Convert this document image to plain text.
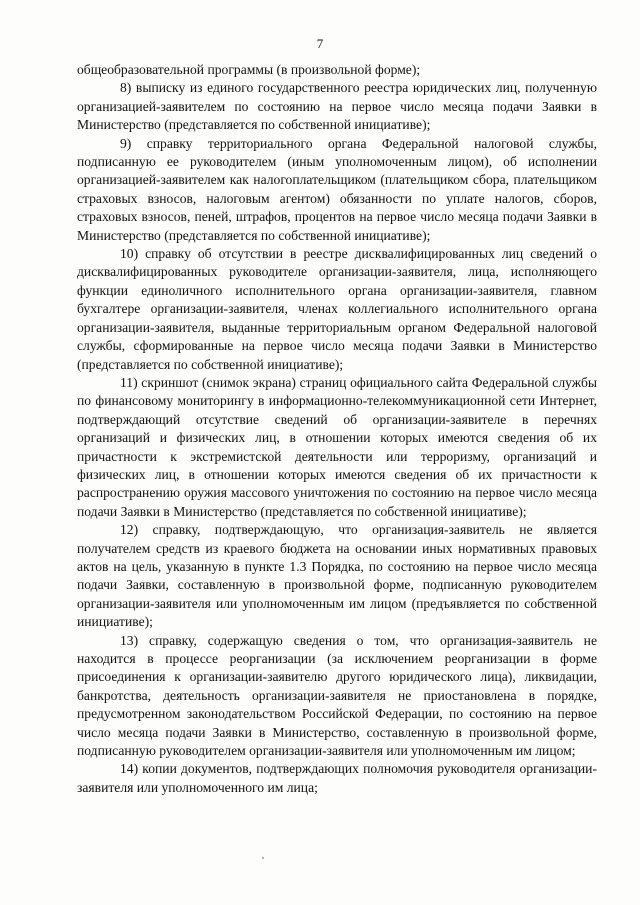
7

общеобразовательной программы (в произвольной форме);

8) выписку из единого государственного реестра юридических лиц, полученную организацией-заявителем по состоянию на первое число месяца подачи Заявки в Министерство (представляется по собственной инициативе);

9) справку территориального органа Федеральной налоговой службы, подписанную ее руководителем (иным уполномоченным лицом), об исполнении организацией-заявителем как налогоплательщиком (плательщиком сбора, плательщиком страховых взносов, налоговым агентом) обязанности по уплате налогов, сборов, страховых взносов, пеней, штрафов, процентов на первое число месяца подачи Заявки в Министерство (представляется по собственной инициативе);

10) справку об отсутствии в реестре дисквалифицированных лиц сведений о дисквалифицированных руководителе организации-заявителя, лица, исполняющего функции единоличного исполнительного органа организации-заявителя, главном бухгалтере организации-заявителя, членах коллегиального исполнительного органа организации-заявителя, выданные территориальным органом Федеральной налоговой службы, сформированные на первое число месяца подачи Заявки в Министерство (представляется по собственной инициативе);

11) скриншот (снимок экрана) страниц официального сайта Федеральной службы по финансовому мониторингу в информационно-телекоммуникационной сети Интернет, подтверждающий отсутствие сведений об организации-заявителе в перечнях организаций и физических лиц, в отношении которых имеются сведения об их причастности к экстремистской деятельности или терроризму, организаций и физических лиц, в отношении которых имеются сведения об их причастности к распространению оружия массового уничтожения по состоянию на первое число месяца подачи Заявки в Министерство (представляется по собственной инициативе);

12) справку, подтверждающую, что организация-заявитель не является получателем средств из краевого бюджета на основании иных нормативных правовых актов на цель, указанную в пункте 1.3 Порядка, по состоянию на первое число месяца подачи Заявки, составленную в произвольной форме, подписанную руководителем организации-заявителя или уполномоченным им лицом (предъявляется по собственной инициативе);

13) справку, содержащую сведения о том, что организация-заявитель не находится в процессе реорганизации (за исключением реорганизации в форме присоединения к организации-заявителю другого юридического лица), ликвидации, банкротства, деятельность организации-заявителя не приостановлена в порядке, предусмотренном законодательством Российской Федерации, по состоянию на первое число месяца подачи Заявки в Министерство, составленную в произвольной форме, подписанную руководителем организации-заявителя или уполномоченным им лицом;

14) копии документов, подтверждающих полномочия руководителя организации-заявителя или уполномоченного им лица;
